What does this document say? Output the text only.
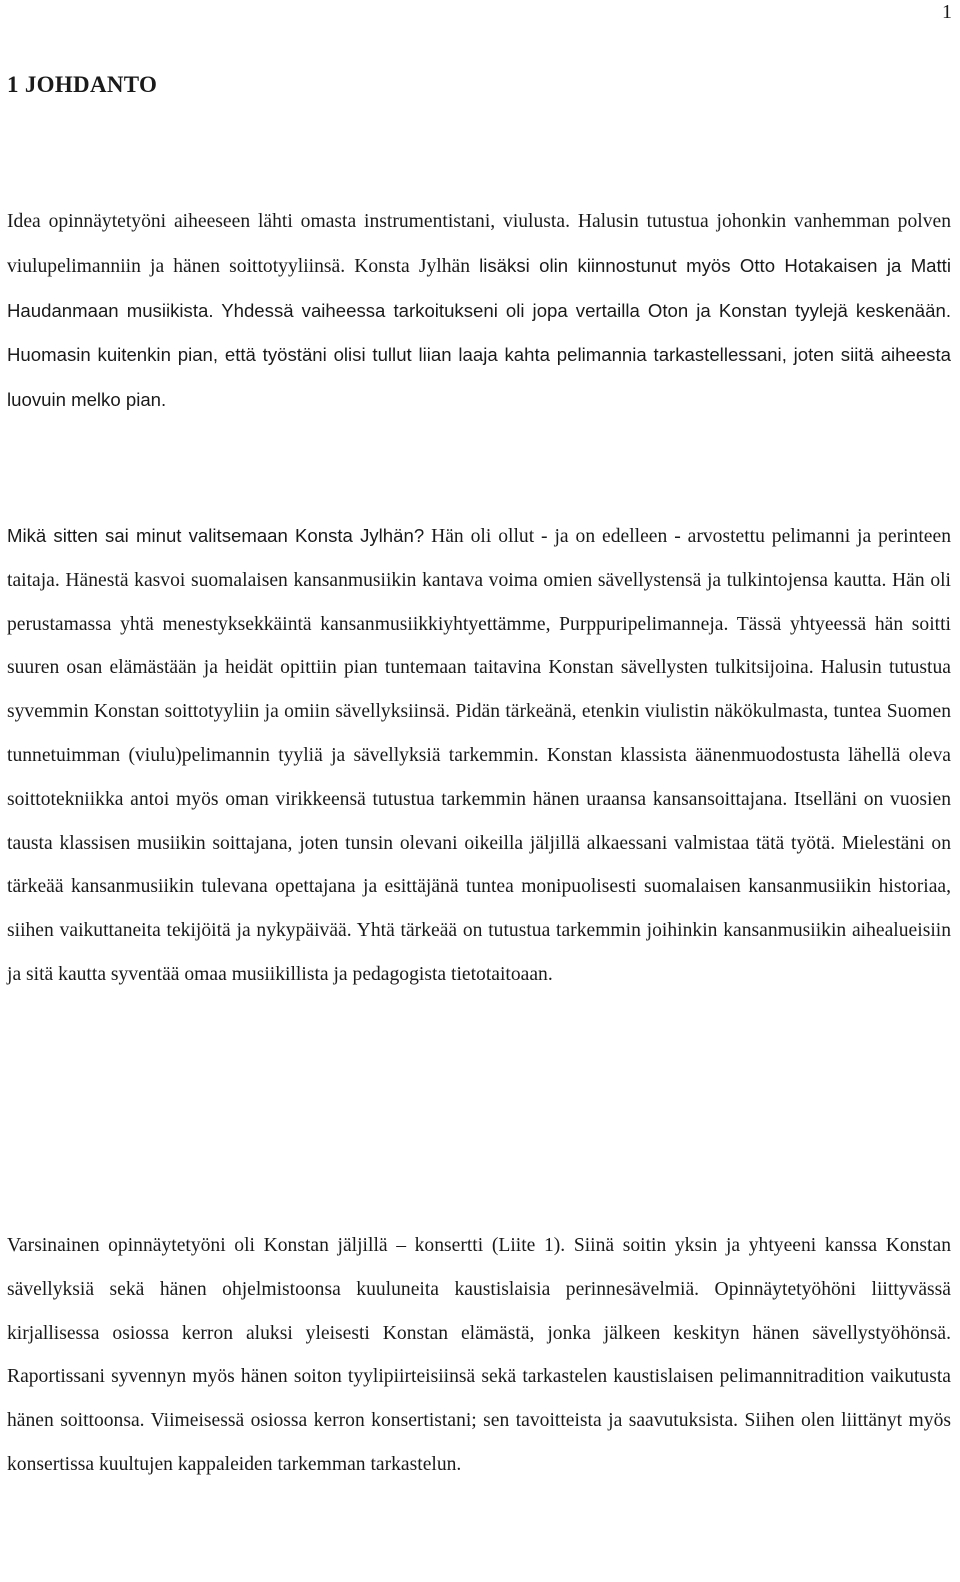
1
1 JOHDANTO

Idea opinnäytetyöni aiheeseen lähti omasta instrumentistani, viulusta. Halusin tutustua johonkin vanhemman polven viulupelimanniin ja hänen soittotyyliinsä. Konsta Jylhän lisäksi olin kiinnostunut myös Otto Hotakaisen ja Matti Haudanmaan musiikista. Yhdessä vaiheessa tarkoitukseni oli jopa vertailla Oton ja Konstan tyylejä keskenään. Huomasin kuitenkin pian, että työstäni olisi tullut liian laaja kahta pelimannia tarkastellessani, joten siitä aiheesta luovuin melko pian.

Mikä sitten sai minut valitsemaan Konsta Jylhän? Hän oli ollut - ja on edelleen - arvostettu pelimanni ja perinteen taitaja. Hänestä kasvoi suomalaisen kansanmusiikin kantava voima omien sävellystensä ja tulkintojensa kautta. Hän oli perustamassa yhtä menestyksekkäintä kansanmusiikkiyhtyettämme, Purppuripelimanneja. Tässä yhtyeessä hän soitti suuren osan elämästään ja heidät opittiin pian tuntemaan taitavina Konstan sävellysten tulkitsijoina. Halusin tutustua syvemmin Konstan soittotyyliin ja omiin sävellyksiinsä. Pidän tärkeänä, etenkin viulistin näkökulmasta, tuntea Suomen tunnetuimman (viulu)pelimannin tyyliä ja sävellyksiä tarkemmin. Konstan klassista äänenmuodostusta lähellä oleva soittotekniikka antoi myös oman virikkeensä tutustua tarkemmin hänen uraansa kansansoittajana. Itselläni on vuosien tausta klassisen musiikin soittajana, joten tunsin olevani oikeilla jäljillä alkaessani valmistaa tätä työtä. Mielestäni on tärkeää kansanmusiikin tulevana opettajana ja esittäjänä tuntea monipuolisesti suomalaisen kansanmusiikin historiaa, siihen vaikuttaneita tekijöitä ja nykypäivää. Yhtä tärkeää on tutustua tarkemmin joihinkin kansanmusiikin aihealueisiin ja sitä kautta syventää omaa musiikillista ja pedagogista tietotaitoaan.

Varsinainen opinnäytetyöni oli Konstan jäljillä – konsertti (Liite 1). Siinä soitin yksin ja yhtyeeni kanssa Konstan sävellyksiä sekä hänen ohjelmistoonsa kuuluneita kaustislaisia perinnesävelmiä. Opinnäytetyöhöni liittyvässä kirjallisessa osiossa kerron aluksi yleisesti Konstan elämästä, jonka jälkeen keskityn hänen sävellystyöhönsä. Raportissani syvennyn myös hänen soiton tyylipiirteisiinsä sekä tarkastelen kaustislaisen pelimannitradition vaikutusta hänen soittoonsa. Viimeisessä osiossa kerron konsertistani; sen tavoitteista ja saavutuksista. Siihen olen liittänyt myös konsertissa kuultujen kappaleiden tarkemman tarkastelun.
